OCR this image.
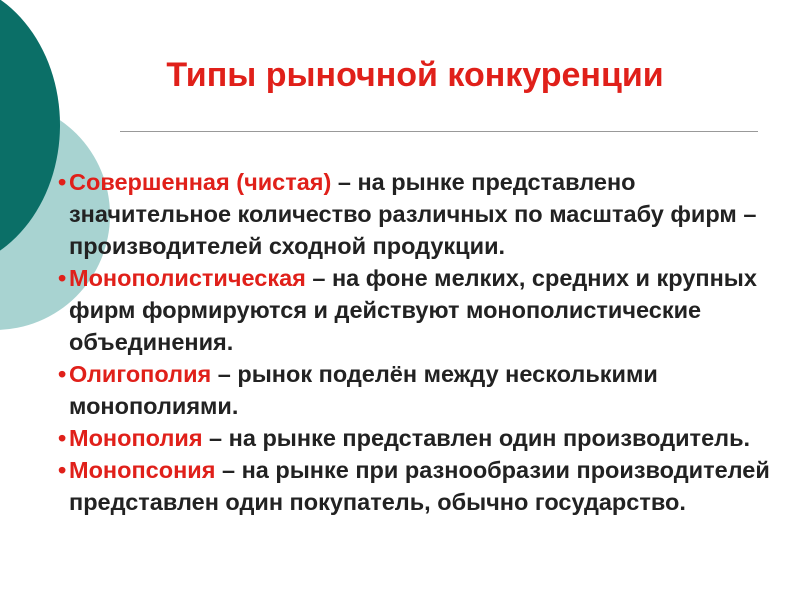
Типы рыночной конкуренции
• Совершенная (чистая) – на рынке представлено значительное количество различных по масштабу фирм – производителей сходной продукции.
• Монополистическая – на фоне мелких, средних и крупных фирм формируются и действуют монополистические объединения.
• Олигополия – рынок поделён между несколькими монополиями.
• Монополия – на рынке представлен один производитель.
• Монопсония – на рынке при разнообразии производителей представлен один покупатель, обычно государство.
